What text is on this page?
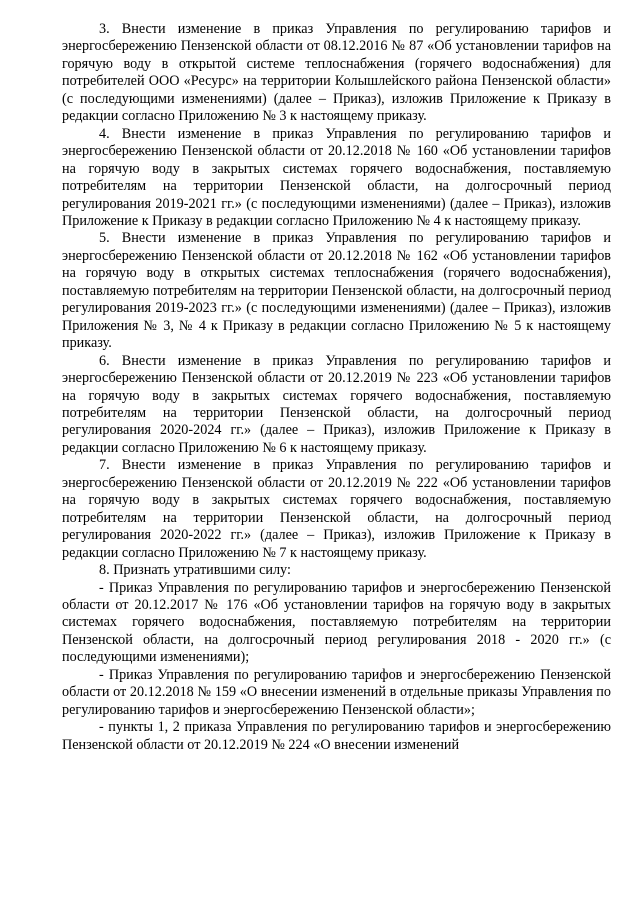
3. Внести изменение в приказ Управления по регулированию тарифов и энергосбережению Пензенской области от 08.12.2016 № 87 «Об установлении тарифов на горячую воду в открытой системе теплоснабжения (горячего водоснабжения) для потребителей ООО «Ресурс» на территории Колышлейского района Пензенской области» (с последующими изменениями) (далее – Приказ), изложив Приложение к Приказу в редакции согласно Приложению № 3 к настоящему приказу.

4. Внести изменение в приказ Управления по регулированию тарифов и энергосбережению Пензенской области от 20.12.2018 № 160 «Об установлении тарифов на горячую воду в закрытых системах горячего водоснабжения, поставляемую потребителям на территории Пензенской области, на долгосрочный период регулирования 2019-2021 гг.» (с последующими изменениями) (далее – Приказ), изложив Приложение к Приказу в редакции согласно Приложению № 4 к настоящему приказу.

5. Внести изменение в приказ Управления по регулированию тарифов и энергосбережению Пензенской области от 20.12.2018 № 162 «Об установлении тарифов на горячую воду в открытых системах теплоснабжения (горячего водоснабжения), поставляемую потребителям на территории Пензенской области, на долгосрочный период регулирования 2019-2023 гг.» (с последующими изменениями) (далее – Приказ), изложив Приложения № 3, № 4 к Приказу в редакции согласно Приложению № 5 к настоящему приказу.

6. Внести изменение в приказ Управления по регулированию тарифов и энергосбережению Пензенской области от 20.12.2019 № 223 «Об установлении тарифов на горячую воду в закрытых системах горячего водоснабжения, поставляемую потребителям на территории Пензенской области, на долгосрочный период регулирования 2020-2024 гг.» (далее – Приказ), изложив Приложение к Приказу в редакции согласно Приложению № 6 к настоящему приказу.

7. Внести изменение в приказ Управления по регулированию тарифов и энергосбережению Пензенской области от 20.12.2019 № 222 «Об установлении тарифов на горячую воду в закрытых системах горячего водоснабжения, поставляемую потребителям на территории Пензенской области, на долгосрочный период регулирования 2020-2022 гг.» (далее – Приказ), изложив Приложение к Приказу в редакции согласно Приложению № 7 к настоящему приказу.

8. Признать утратившими силу:

- Приказ Управления по регулированию тарифов и энергосбережению Пензенской области от 20.12.2017 № 176 «Об установлении тарифов на горячую воду в закрытых системах горячего водоснабжения, поставляемую потребителям на территории Пензенской области, на долгосрочный период регулирования 2018 - 2020 гг.» (с последующими изменениями);

- Приказ Управления по регулированию тарифов и энергосбережению Пензенской области от 20.12.2018 № 159 «О внесении изменений в отдельные приказы Управления по регулированию тарифов и энергосбережению Пензенской области»;

- пункты 1, 2 приказа Управления по регулированию тарифов и энергосбережению Пензенской области от 20.12.2019 № 224 «О внесении изменений
